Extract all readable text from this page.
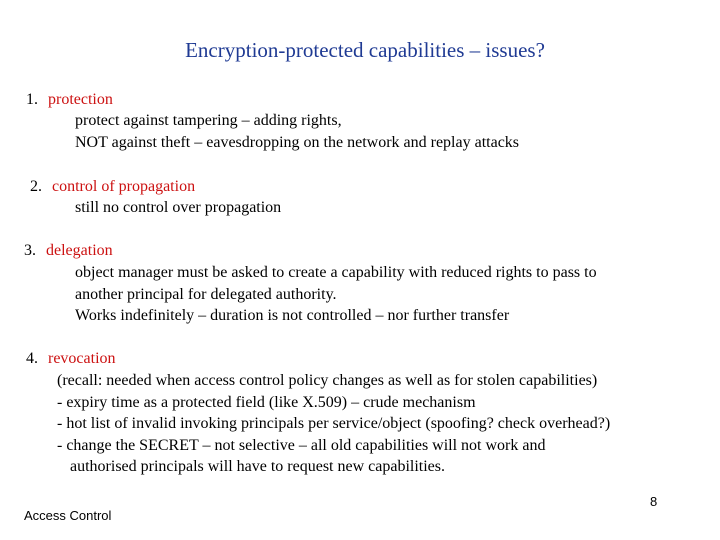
Encryption-protected capabilities – issues?
1. protection
protect against tampering – adding rights,
NOT against theft – eavesdropping on the network and replay attacks
2. control of propagation
still no control over propagation
3. delegation
object manager must be asked to create a capability with reduced rights to pass to
another principal for delegated authority.
Works indefinitely – duration is not controlled – nor further transfer
4. revocation
(recall: needed when access control policy changes as well as for stolen capabilities)
- expiry time as a protected field (like X.509) – crude mechanism
- hot list of invalid invoking principals per service/object (spoofing? check overhead?)
- change the SECRET – not selective – all old capabilities will not work and
authorised principals will have to request new capabilities.
Access Control
8
